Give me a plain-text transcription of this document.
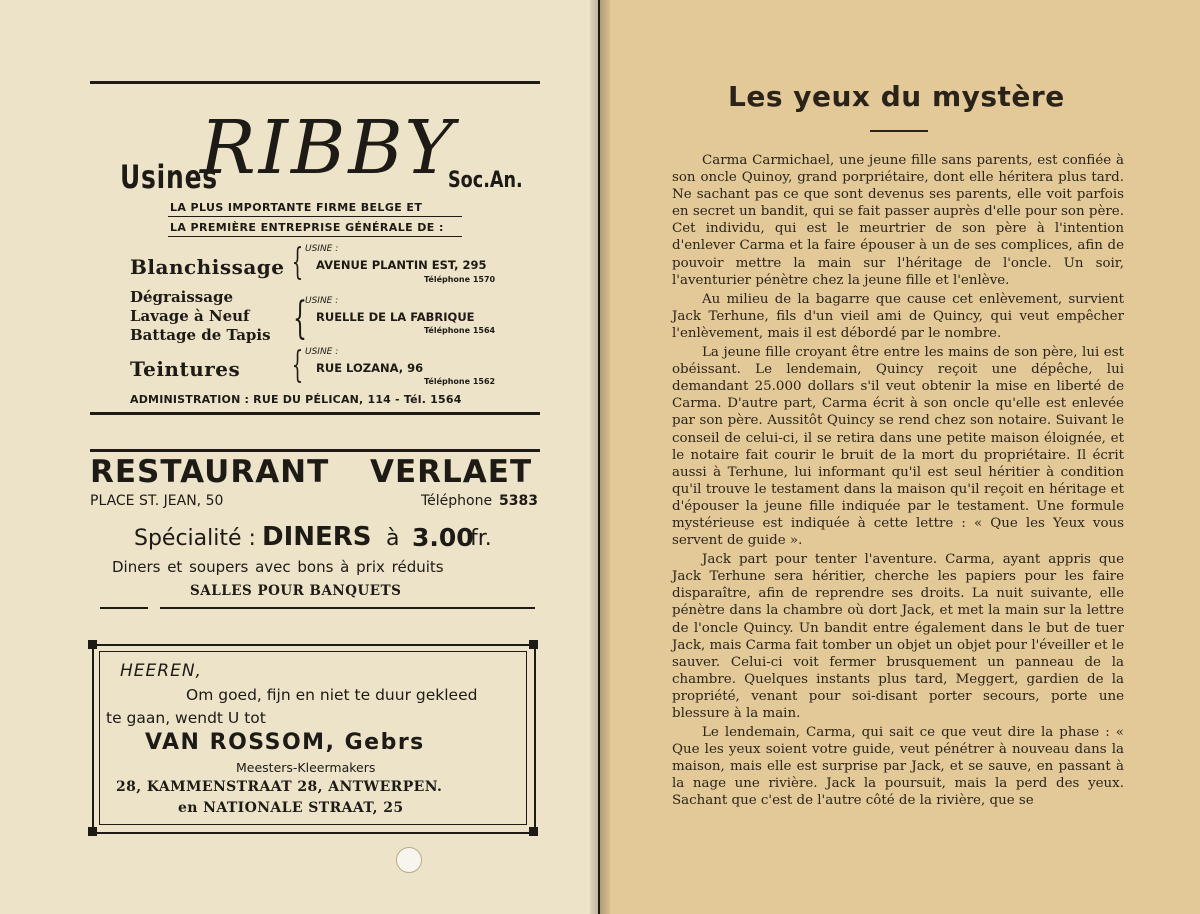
Usines
RIBBY
Soc.An.
LA PLUS IMPORTANTE FIRME BELGE ET
LA PREMIÈRE ENTREPRISE GÉNÉRALE DE :
Blanchissage
Dégraissage
Lavage à Neuf
Battage de Tapis
Teintures
{
{
{
USINE :
AVENUE PLANTIN EST, 295
Téléphone 1570
USINE :
RUELLE DE LA FABRIQUE
Téléphone 1564
USINE :
RUE LOZANA, 96
Téléphone 1562
ADMINISTRATION : RUE DU PÉLICAN, 114 - Tél. 1564
RESTAURANT VERLAET
PLACE ST. JEAN, 50	Téléphone 5383
Spécialité : DINERS à 3.00
fr.
Diners et soupers avec bons à prix réduits
SALLES POUR BANQUETS
HEEREN,
Om goed, fijn en niet te duur gekleed
te gaan, wendt U tot
VAN ROSSOM, Gebrs
Meesters-Kleermakers
28, KAMMENSTRAAT 28, ANTWERPEN.
en NATIONALE STRAAT, 25
Les yeux du mystère

Carma Carmichael, une jeune fille sans parents, est confiée à son oncle Quinoy, grand porpriétaire, dont elle héritera plus tard. Ne sachant pas ce que sont devenus ses parents, elle voit parfois en secret un bandit, qui se fait passer auprès d'elle pour son père. Cet individu, qui est le meurtrier de son père à l'intention d'enlever Carma et la faire épouser à un de ses complices, afin de pouvoir mettre la main sur l'héritage de l'oncle. Un soir, l'aventurier pénètre chez la jeune fille et l'enlève.

Au milieu de la bagarre que cause cet enlèvement, survient Jack Terhune, fils d'un vieil ami de Quincy, qui veut empêcher l'enlèvement, mais il est débordé par le nombre.

La jeune fille croyant être entre les mains de son père, lui est obéissant. Le lendemain, Quincy reçoit une dépêche, lui demandant 25.000 dollars s'il veut obtenir la mise en liberté de Carma. D'autre part, Carma écrit à son oncle qu'elle est enlevée par son père. Aussitôt Quincy se rend chez son notaire. Suivant le conseil de celui-ci, il se retira dans une petite maison éloignée, et le notaire fait courir le bruit de la mort du propriétaire. Il écrit aussi à Terhune, lui informant qu'il est seul héritier à condition qu'il trouve le testament dans la maison qu'il reçoit en héritage et d'épouser la jeune fille indiquée par le testament. Une formule mystérieuse est indiquée à cette lettre : « Que les Yeux vous servent de guide ».

Jack part pour tenter l'aventure. Carma, ayant appris que Jack Terhune sera héritier, cherche les papiers pour les faire disparaître, afin de reprendre ses droits. La nuit suivante, elle pénètre dans la chambre où dort Jack, et met la main sur la lettre de l'oncle Quincy. Un bandit entre également dans le but de tuer Jack, mais Carma fait tomber un objet un objet pour l'éveiller et le sauver. Celui-ci voit fermer brusquement un panneau de la chambre. Quelques instants plus tard, Meggert, gardien de la propriété, venant pour soi-disant porter secours, porte une blessure à la main.

Le lendemain, Carma, qui sait ce que veut dire la phase : « Que les yeux soient votre guide, veut pénétrer à nouveau dans la maison, mais elle est surprise par Jack, et se sauve, en passant à la nage une rivière. Jack la poursuit, mais la perd des yeux. Sachant que c'est de l'autre côté de la rivière, que se
